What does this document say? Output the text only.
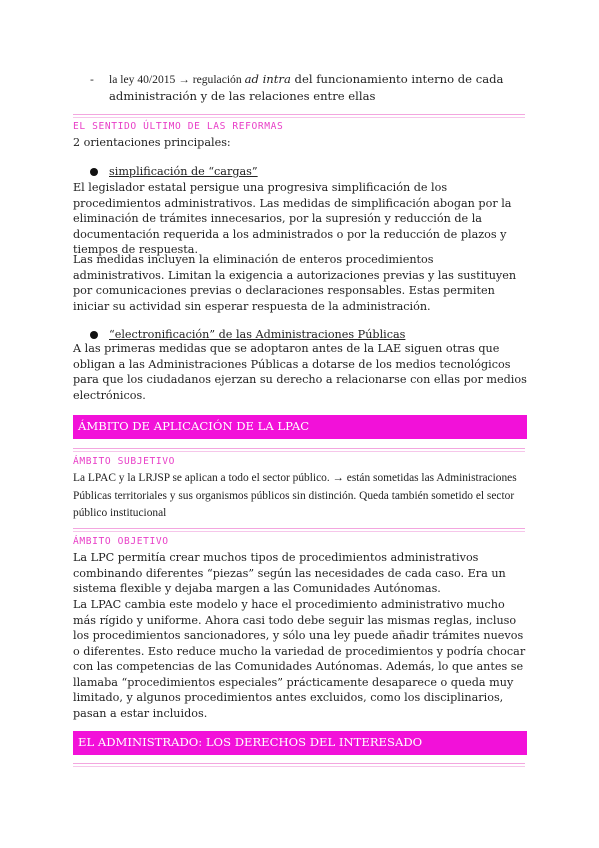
- la ley 40/2015 → regulación ad intra del funcionamiento interno de cada administración y de las relaciones entre ellas
EL SENTIDO ÚLTIMO DE LAS REFORMAS

2 orientaciones principales:

simplificación de “cargas”

El legislador estatal persigue una progresiva simplificación de los procedimientos administrativos. Las medidas de simplificación abogan por la eliminación de trámites innecesarios, por la supresión y reducción de la documentación requerida a los administrados o por la reducción de plazos y tiempos de respuesta.

Las medidas incluyen la eliminación de enteros procedimientos administrativos. Limitan la exigencia a autorizaciones previas y las sustituyen por comunicaciones previas o declaraciones responsables. Estas permiten iniciar su actividad sin esperar respuesta de la administración.

“electronificación” de las Administraciones Públicas

A las primeras medidas que se adoptaron antes de la LAE siguen otras que obligan a las Administraciones Públicas a dotarse de los medios tecnológicos para que los ciudadanos ejerzan su derecho a relacionarse con ellas por medios electrónicos.

ÁMBITO DE APLICACIÓN DE LA LPAC
ÁMBITO SUBJETIVO

La LPAC y la LRJSP se aplican a todo el sector público. → están sometidas las Administraciones Públicas territoriales y sus organismos públicos sin distinción. Queda también sometido el sector público institucional

ÁMBITO OBJETIVO

La LPC permitía crear muchos tipos de procedimientos administrativos combinando diferentes “piezas” según las necesidades de cada caso. Era un sistema flexible y dejaba margen a las Comunidades Autónomas.

La LPAC cambia este modelo y hace el procedimiento administrativo mucho más rígido y uniforme. Ahora casi todo debe seguir las mismas reglas, incluso los procedimientos sancionadores, y sólo una ley puede añadir trámites nuevos o diferentes. Esto reduce mucho la variedad de procedimientos y podría chocar con las competencias de las Comunidades Autónomas. Además, lo que antes se llamaba “procedimientos especiales” prácticamente desaparece o queda muy limitado, y algunos procedimientos antes excluidos, como los disciplinarios, pasan a estar incluidos.

EL ADMINISTRADO: LOS DERECHOS DEL INTERESADO
